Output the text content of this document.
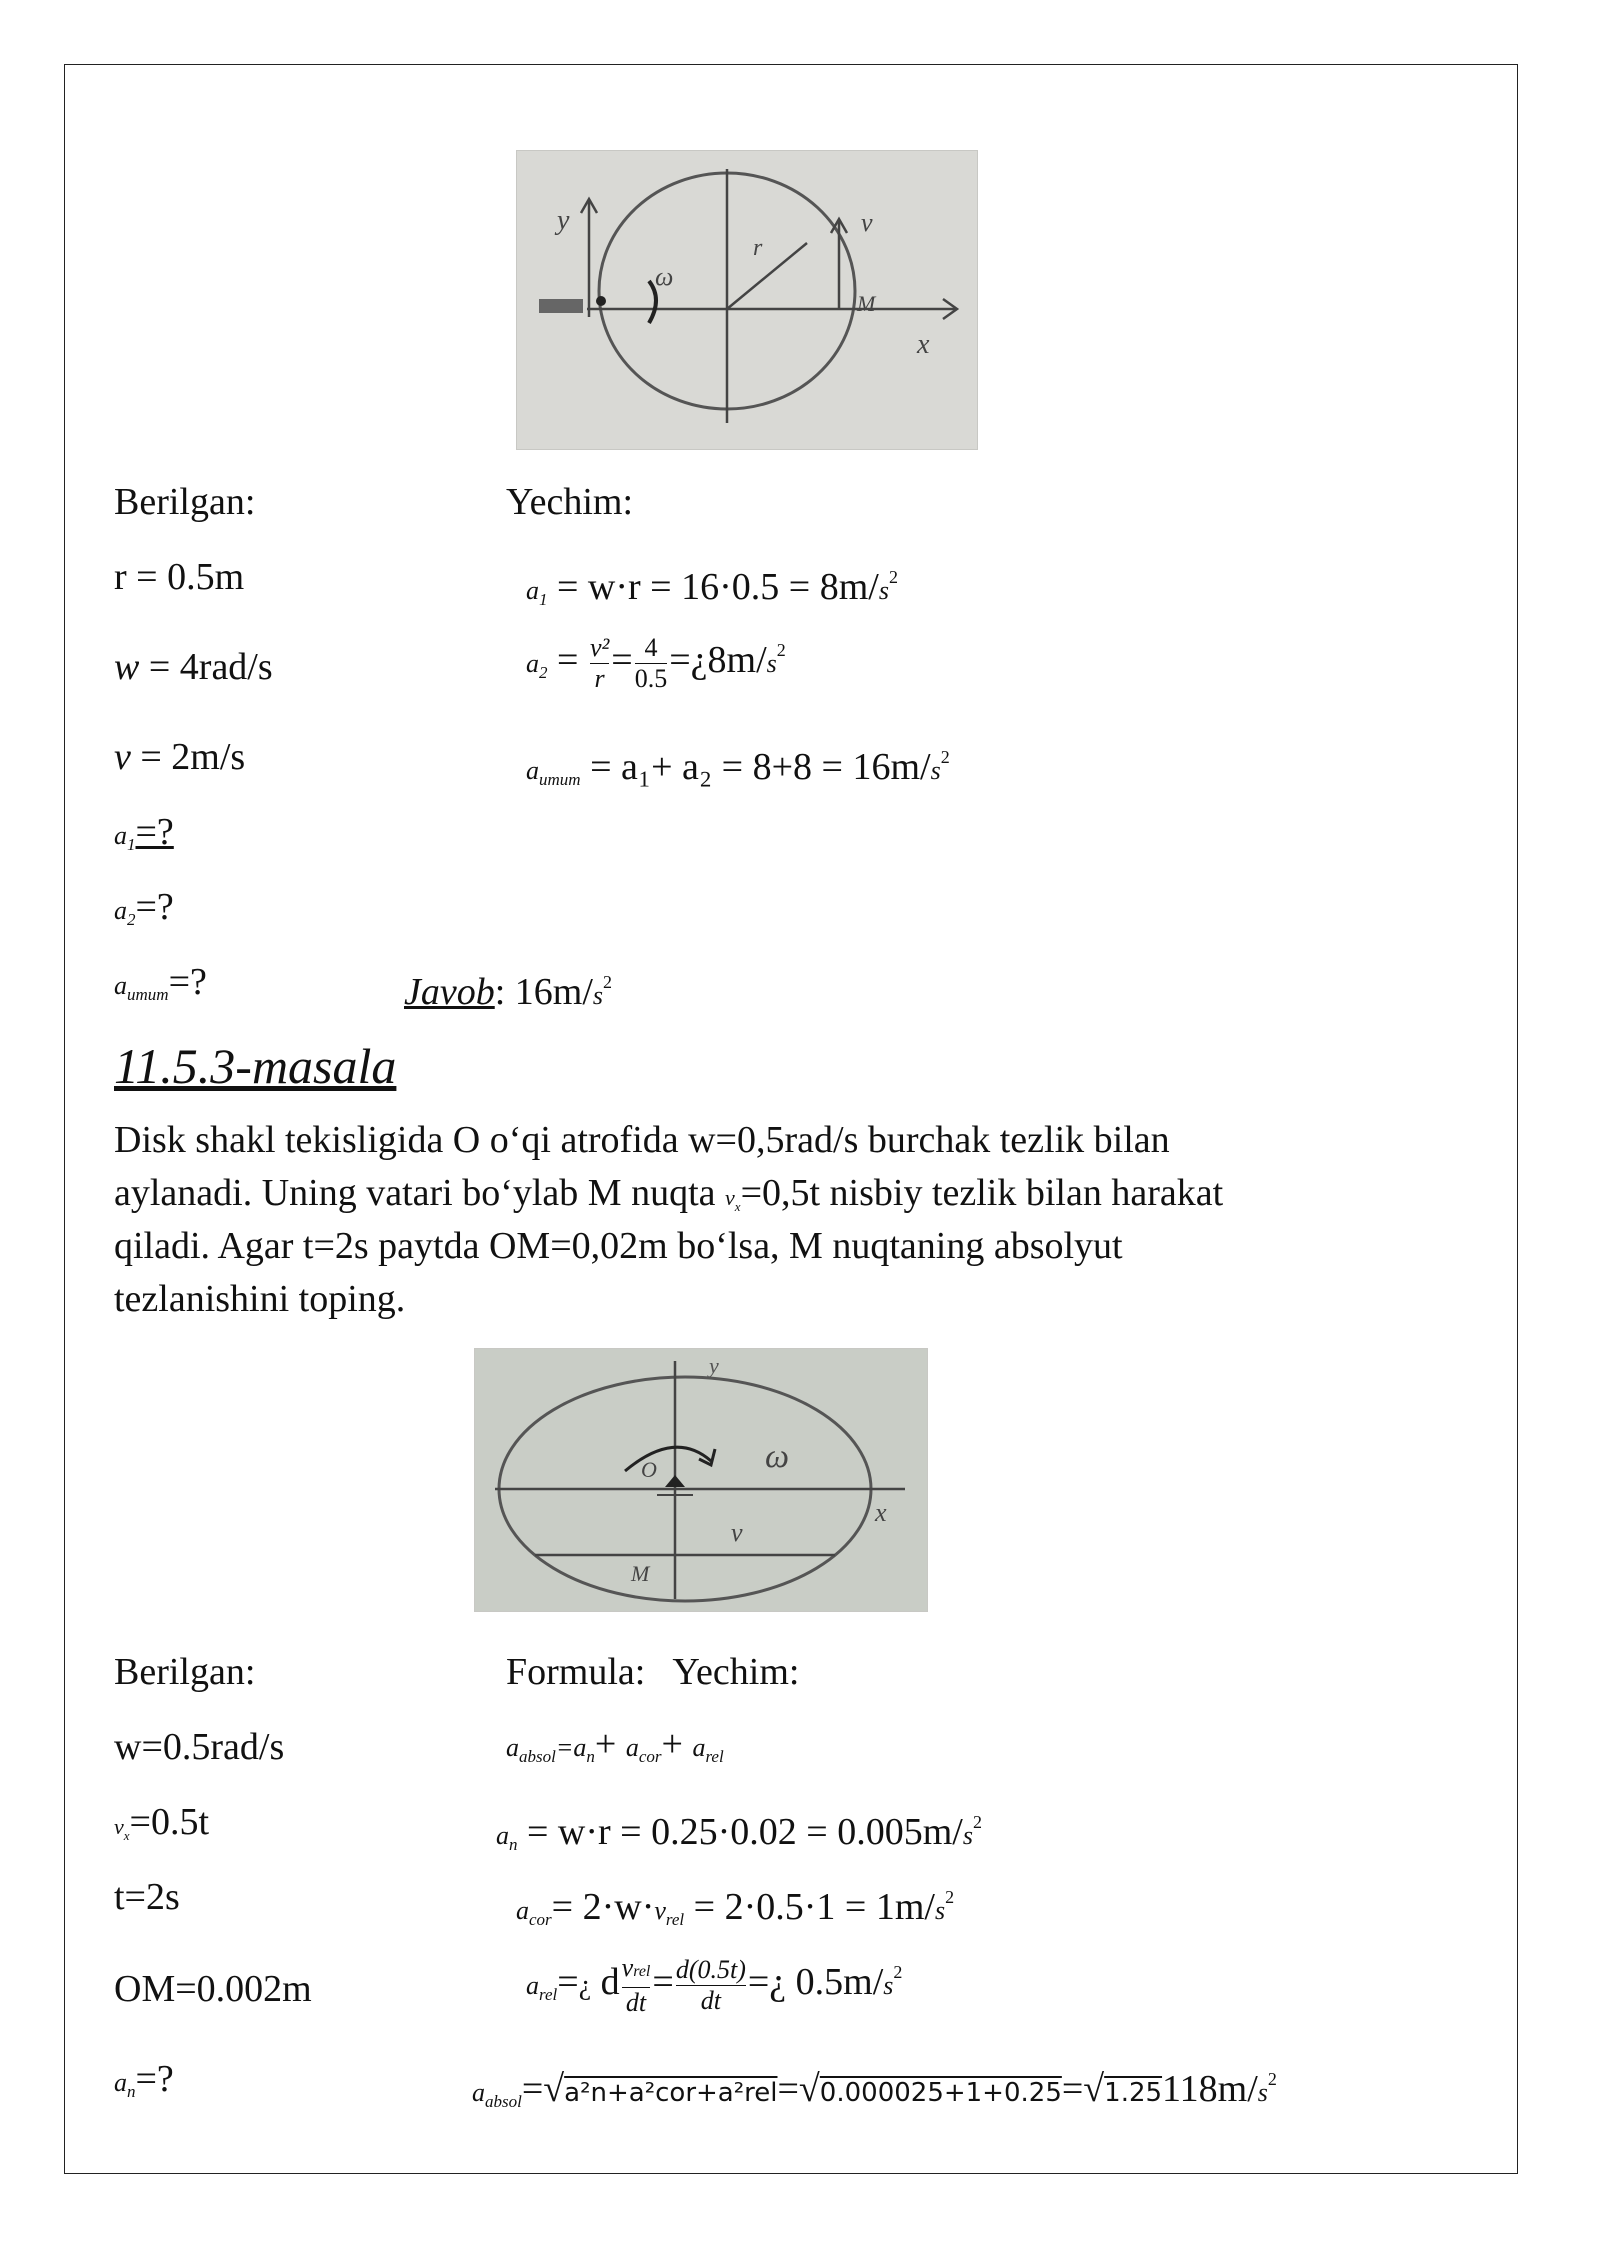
y
ω
r
M
x
v
Berilgan:	Yechim:
r = 0.5m	$a_1 = w\cdot r = 16\cdot 0.5 = 8m/s^2$
w = 4rad/s	$a_2 = \frac{\text{v²}}{r} = \frac{4}{0.5}$ $=¿8m/s^2$
v = 2m/s	$a_{umum} = a_1+ a_2 = 8+8 = 16m/s^2$
$a_1=$?
$a_2=$?
$a_{umum}=$?	Javob: $16m/s^2$
11.5.3-masala
Disk shakl tekisligida O o‘qi atrofida w=0,5rad/s burchak tezlik bilan
aylanadi. Uning vatari bo‘ylab M nuqta $v_x=0,5t$ nisbiy tezlik bilan harakat
qiladi. Agar t=2s paytda OM=0,02m bo‘lsa, M nuqtaning absolyut
tezlanishini toping.
y
O	ω
x
v
M
Berilgan:	Formula:   Yechim:
w=0.5rad/s	$a_{absol}=a_n+ a_{cor}+ a_{rel}$
$v_x=0.5t$	$a_n = w\cdot r = 0.25\cdot 0.02 = 0.005m/s^2$
t=2s	$a_{cor}= 2\cdot w\cdot v_{rel} = 2\cdot 0.5\cdot 1 = 1m/s^2$
OM=0.002m	$a_{rel}=¿$ d $\frac{\text{vrel}}{dt} = \frac{d(0.5t)}{dt}$ =¿ $0.5m/s^2$
$a_n=$?	$a_{absol}=√a^2n+a^2cor+a^2rel=√0.000025+1+0.25=√1.25118m/s^2$
